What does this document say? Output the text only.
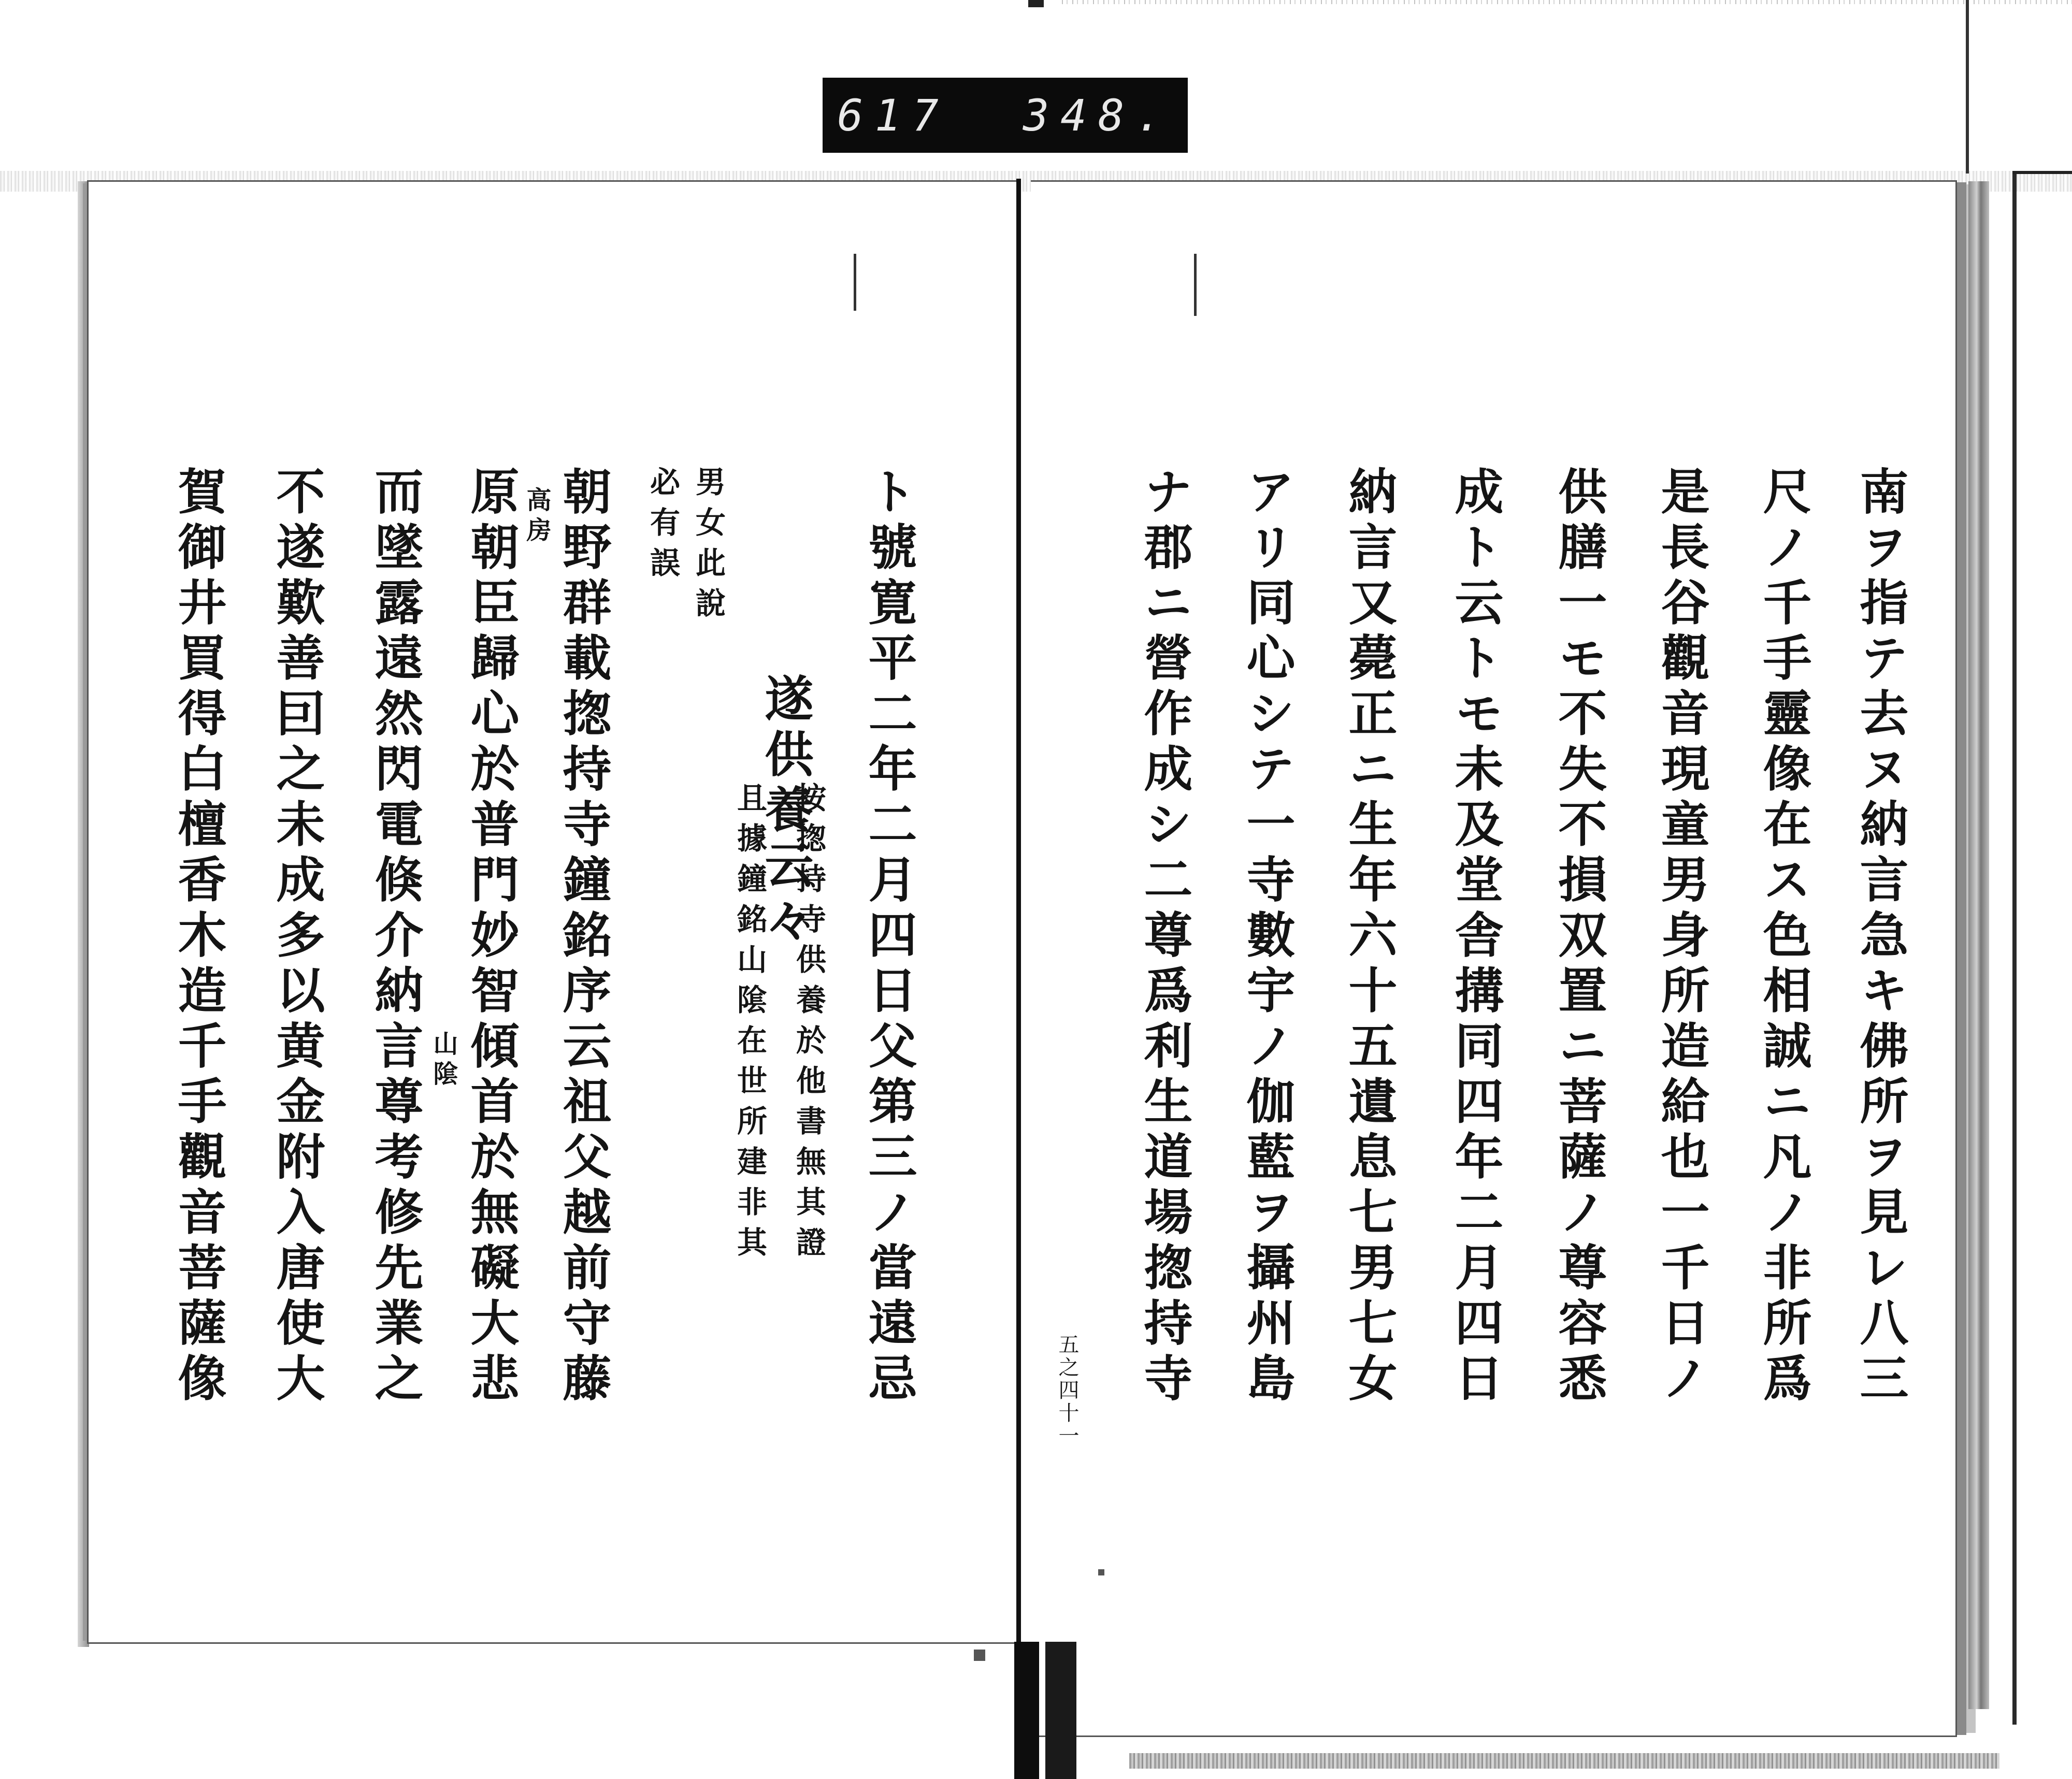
617 348.
南ヲ指テ去ヌ納言急キ佛所ヲ見レ八三
尺ノ千手靈像在ス色相誠ニ凡ノ非所爲
是長谷觀音現童男身所造給也一千日ノ
供膳一モ不失不損双置ニ菩薩ノ尊容悉
成ト云トモ未及堂舎搆同四年二月四日
納言又薨正ニ生年六十五遺息七男七女
アリ同心シテ一寺數宇ノ伽藍ヲ攝州島
ナ郡ニ營作成シ二尊爲利生道場揔持寺
五之四十一
ト號寛平二年二月四日父第三ノ當遠忌
遂供養云々
按揔持寺供養於他書無其證
且據鐘銘山隂在世所建非其
男女此說
必有誤
朝野群載揔持寺鐘銘序云祖父越前守藤
原朝臣歸心於普門妙智傾首於無礙大悲
而墜露遠然閃電倏介納言尊考修先業之
不遂歎善囙之未成多以黄金附入唐使大
賀御井買得白檀香木造千手觀音菩薩像	高房
山隂
